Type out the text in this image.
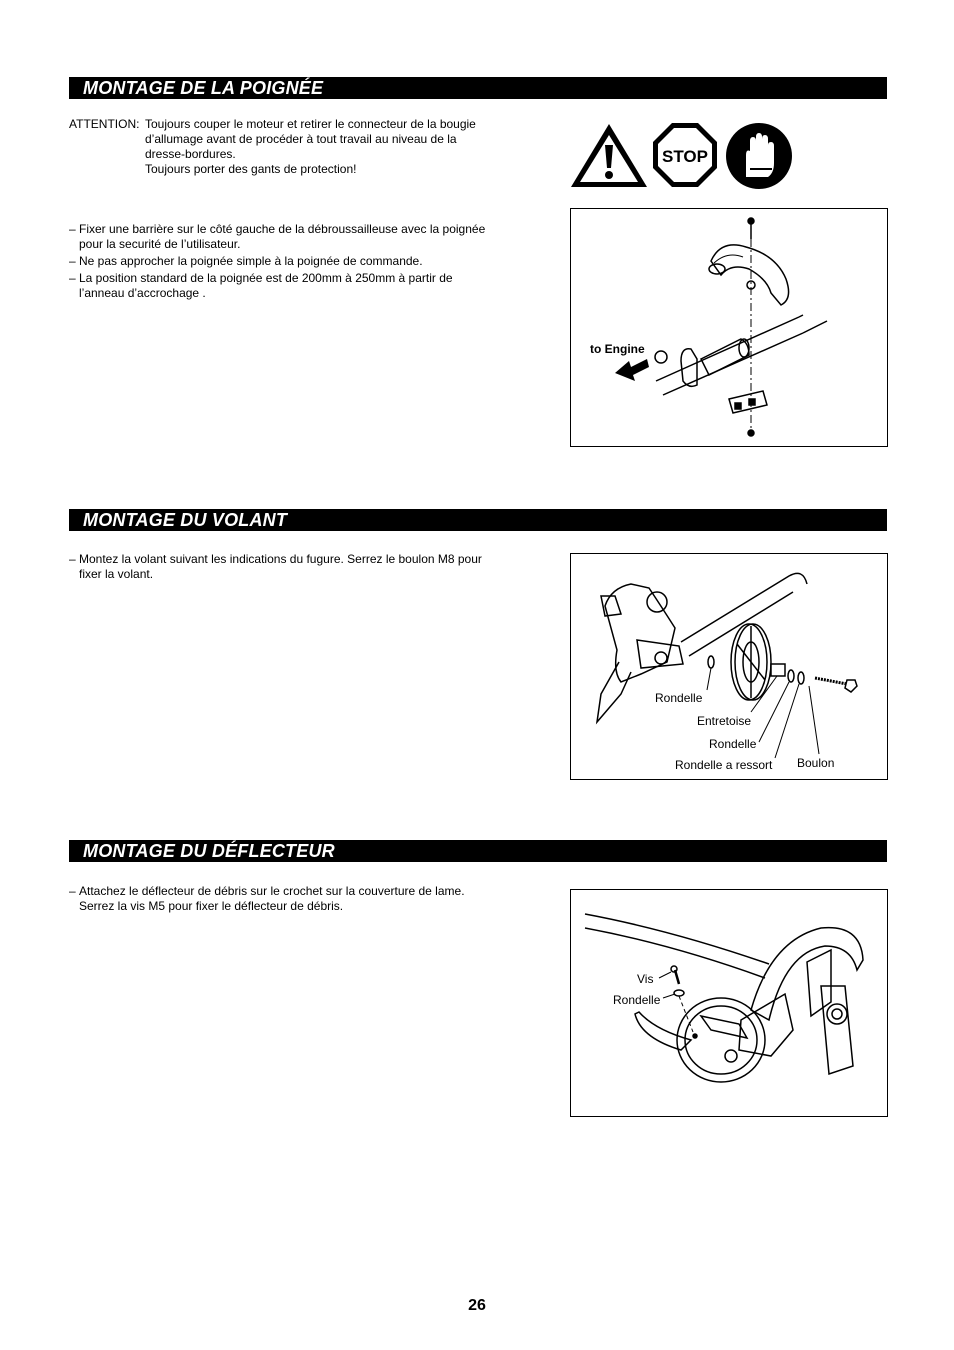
MONTAGE DE LA POIGNÉE
ATTENTION: Toujours couper le moteur et retirer le connecteur de la bougie
d’allumage avant de procéder à tout travail au niveau de la
dresse-bordures.
Toujours porter des gants de protection!
STOP
– Fixer une barrière sur le côté gauche de la débroussailleuse avec la poignée
pour la securité de l’utilisateur.
– Ne pas approcher la poignée simple à la poignée de commande.
– La position standard de la poignée est de 200mm à 250mm à partir de
l’anneau d’accrochage .
to Engine
MONTAGE DU VOLANT
– Montez la volant suivant les indications du fugure. Serrez le boulon M8 pour
fixer la volant.
Rondelle
Entretoise
Rondelle
Rondelle a ressort Boulon
MONTAGE DU DÉFLECTEUR
– Attachez le déflecteur de débris sur le crochet sur la couverture de lame.
Serrez la vis M5 pour fixer le déflecteur de débris.
Vis
Rondelle
26
